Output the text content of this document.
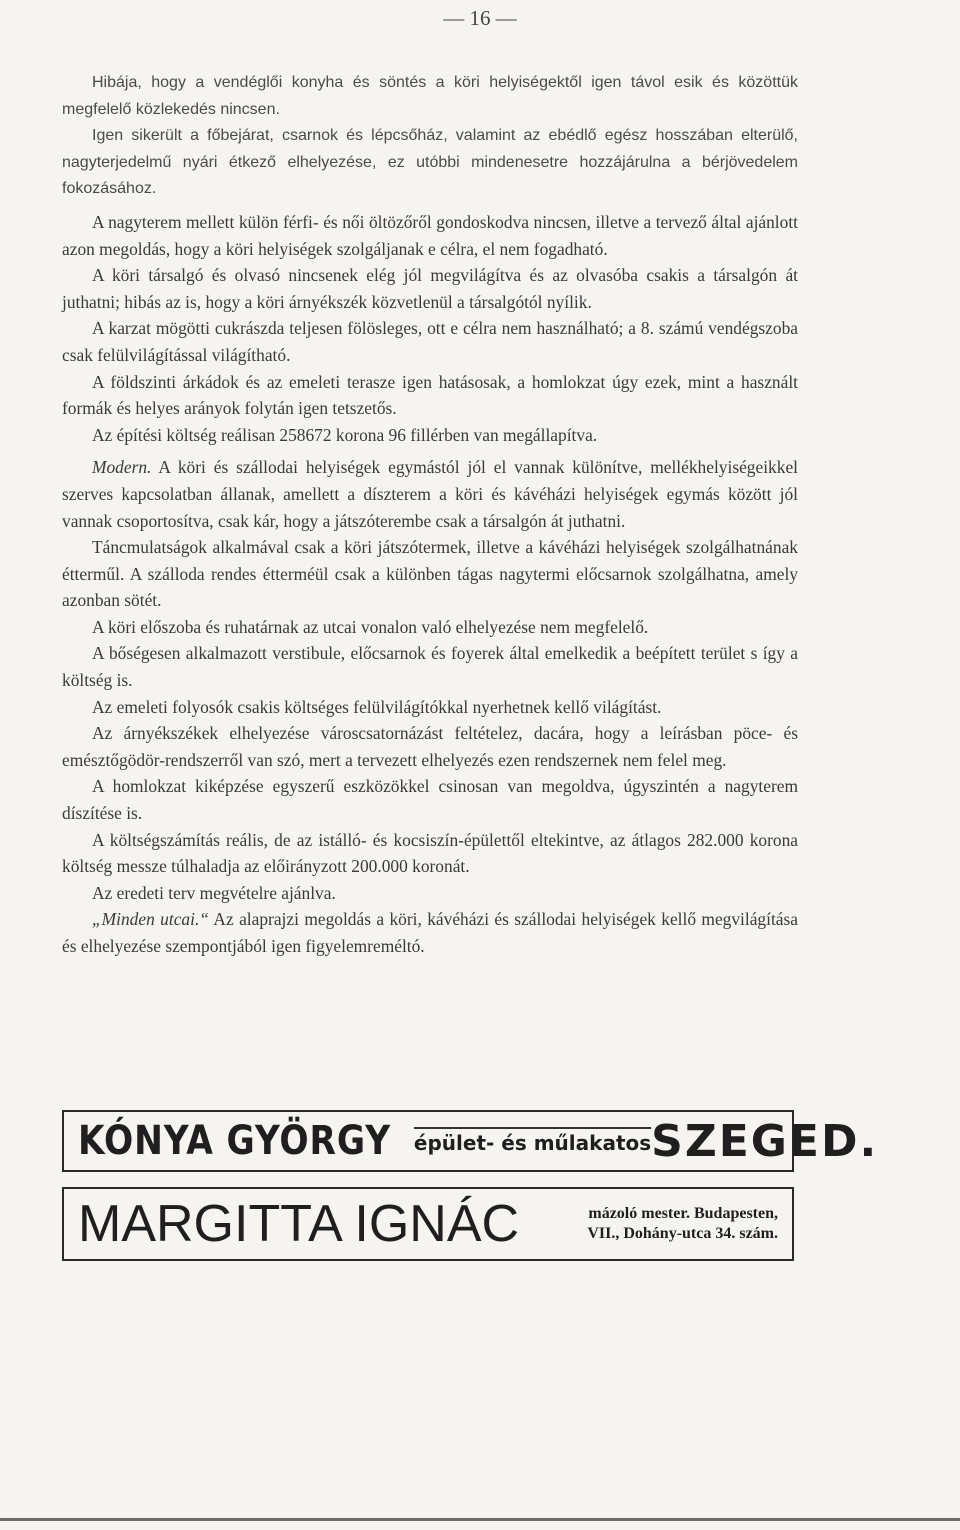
— 16 —

Hibája, hogy a vendéglői konyha és söntés a köri helyiségektől igen távol esik és közöttük megfelelő közlekedés nincsen.

Igen sikerült a főbejárat, csarnok és lépcsőház, valamint az ebédlő egész hosszában elterülő, nagyterjedelmű nyári étkező elhelyezése, ez utóbbi mindenesetre hozzájárulna a bérjövedelem fokozásához.

A nagyterem mellett külön férfi- és női öltözőről gondoskodva nincsen, illetve a tervező által ajánlott azon megoldás, hogy a köri helyiségek szolgáljanak e célra, el nem fogadható.

A köri társalgó és olvasó nincsenek elég jól megvilágítva és az olvasóba csakis a társalgón át juthatni; hibás az is, hogy a köri árnyékszék közvetlenül a társalgótól nyílik.

A karzat mögötti cukrászda teljesen fölösleges, ott e célra nem használható; a 8. számú vendégszoba csak felülvilágítással világítható.

A földszinti árkádok és az emeleti terasze igen hatásosak, a homlokzat úgy ezek, mint a használt formák és helyes arányok folytán igen tetszetős.

Az építési költség reálisan 258672 korona 96 fillérben van megállapítva.

Modern. A köri és szállodai helyiségek egymástól jól el vannak különítve, mellékhelyiségeikkel szerves kapcsolatban állanak, amellett a díszterem a köri és kávéházi helyiségek egymás között jól vannak csoportosítva, csak kár, hogy a játszóterembe csak a társalgón át juthatni.

Táncmulatságok alkalmával csak a köri játszótermek, illetve a kávéházi helyiségek szolgálhatnának étterműl. A szálloda rendes étterméül csak a különben tágas nagytermi előcsarnok szolgálhatna, amely azonban sötét.

A köri előszoba és ruhatárnak az utcai vonalon való elhelyezése nem megfelelő.

A bőségesen alkalmazott verstibule, előcsarnok és foyerek által emelkedik a beépített terület s így a költség is.

Az emeleti folyosók csakis költséges felülvilágítókkal nyerhetnek kellő világítást.

Az árnyékszékek elhelyezése városcsatornázást feltételez, dacára, hogy a leírásban pöce- és emésztőgödör-rendszerről van szó, mert a tervezett elhelyezés ezen rendszernek nem felel meg.

A homlokzat kiképzése egyszerű eszközökkel csinosan van megoldva, úgyszintén a nagyterem díszítése is.

A költségszámítás reális, de az istálló- és kocsiszín-épülettől eltekintve, az átlagos 282.000 korona költség messze túlhaladja az előirányzott 200.000 koronát.

Az eredeti terv megvételre ajánlva.

„Minden utcai.“ Az alaprajzi megoldás a köri, kávéházi és szállodai helyiségek kellő megvilágítása és elhelyezése szempontjából igen figyelemreméltó.

KÓNYA GYÖRGY épület- és műlakatos SZEGED.
MARGITTA IGNÁC	mázoló mester. Budapesten,
VII., Dohány-utca 34. szám.
